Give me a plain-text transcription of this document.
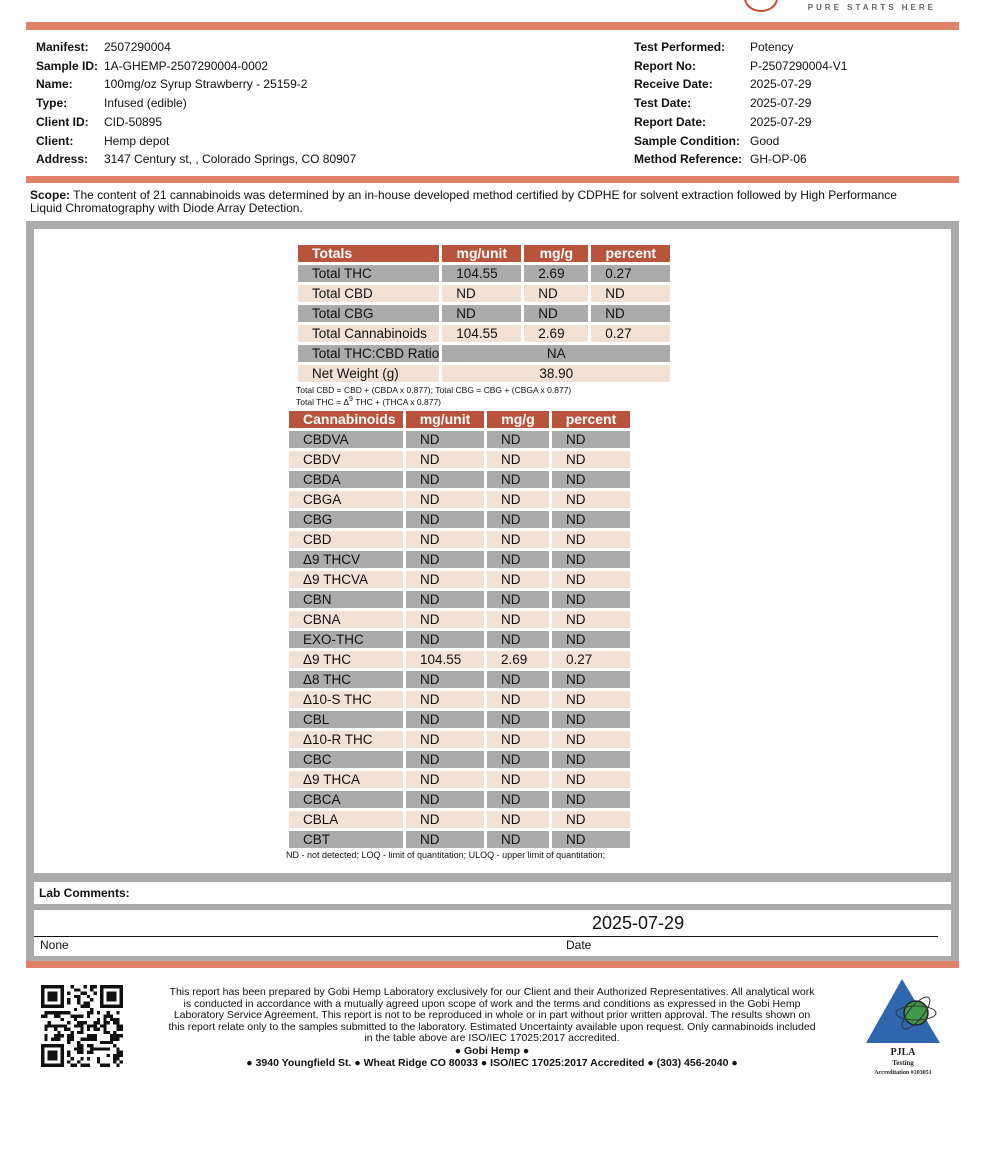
PURE STARTS HERE
Manifest: 2507290004
Sample ID: 1A-GHEMP-2507290004-0002
Name:	100mg/oz Syrup Strawberry - 25159-2
Type:	Infused (edible)
Client ID: CID-50895
Client:	Hemp depot
Address: 3147 Century st, , Colorado Springs, CO 80907
Test Performed: Potency
Report No:	P-2507290004-V1
Receive Date:	2025-07-29
Test Date:	2025-07-29
Report Date:	2025-07-29
Sample Condition: Good
Method Reference: GH-OP-06
Scope: The content of 21 cannabinoids was determined by an in-house developed method certified by CDPHE for solvent extraction followed by High Performance Liquid Chromatography with Diode Array Detection.
Totals	mg/unit	mg/g	percent
Total THC	104.55	2.69	0.27
Total CBD	ND	ND	ND
Total CBG	ND	ND	ND
Total Cannabinoids	104.55	2.69	0.27
Total THC:CBD Ratio	NA		
Net Weight (g)	38.90		
Total CBD = CBD + (CBDA x 0.877); Total CBG = CBG + (CBGA x 0.877)
Total THC = $\Delta^9$ THC + (THCA x 0.877)
Cannabinoids	mg/unit	mg/g	percent
CBDVA	ND	ND	ND
CBDV	ND	ND	ND
CBDA	ND	ND	ND
CBGA	ND	ND	ND
CBG	ND	ND	ND
CBD	ND	ND	ND
Δ9 THCV	ND	ND	ND
Δ9 THCVA	ND	ND	ND
CBN	ND	ND	ND
CBNA	ND	ND	ND
EXO-THC	ND	ND	ND
Δ9 THC	104.55	2.69	0.27
Δ8 THC	ND	ND	ND
Δ10-S THC	ND	ND	ND
CBL	ND	ND	ND
Δ10-R THC	ND	ND	ND
CBC	ND	ND	ND
Δ9 THCA	ND	ND	ND
CBCA	ND	ND	ND
CBLA	ND	ND	ND
CBT	ND	ND	ND
ND - not detected; LOQ - limit of quantitation; ULOQ - upper limit of quantitation;
Lab Comments:
2025-07-29
None	Date
This report has been prepared by Gobi Hemp Laboratory exclusively for our Client and their Authorized Representatives. All analytical work is conducted in accordance with a mutually agreed upon scope of work and the terms and conditions as expressed in the Gobi Hemp Laboratory Service Agreement. This report is not to be reproduced in whole or in part without prior written approval. The results shown on this report relate only to the samples submitted to the laboratory. Estimated Uncertainty available upon request. Only cannabinoids included in the table above are ISO/IEC 17025:2017 accredited.
● Gobi Hemp ●
● 3940 Youngfield St. ● Wheat Ridge CO 80033 ● ISO/IEC 17025:2017 Accredited ● (303) 456-2040 ●
PJLA
Testing
Accreditation #103051
